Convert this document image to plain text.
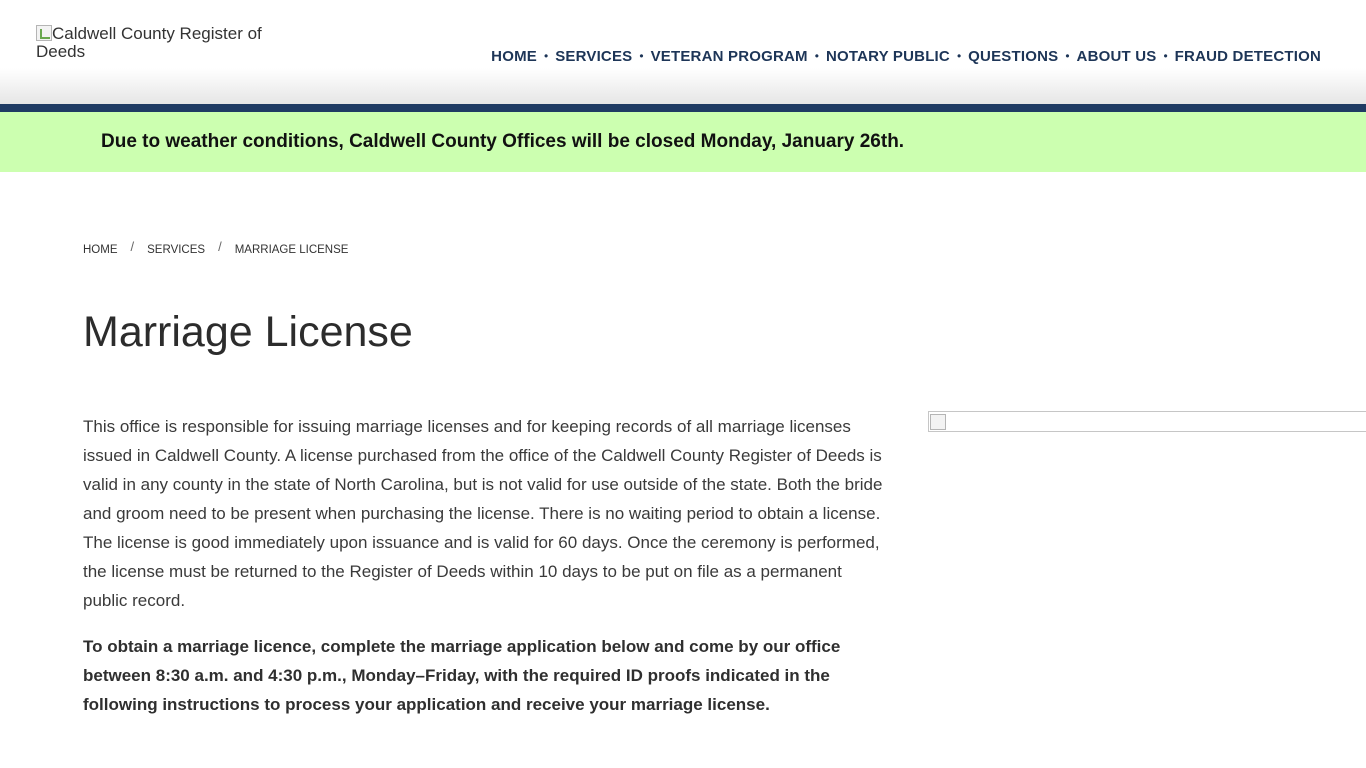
Caldwell County Register of Deeds	HOME • SERVICES • VETERAN PROGRAM • NOTARY PUBLIC • QUESTIONS • ABOUT US • FRAUD DETECTION
Due to weather conditions, Caldwell County Offices will be closed Monday, January 26th.
HOME	/	SERVICES	/	MARRIAGE LICENSE
Marriage License

This office is responsible for issuing marriage licenses and for keeping records of all marriage licenses issued in Caldwell County. A license purchased from the office of the Caldwell County Register of Deeds is valid in any county in the state of North Carolina, but is not valid for use outside of the state. Both the bride and groom need to be present when purchasing the license. There is no waiting period to obtain a license. The license is good immediately upon issuance and is valid for 60 days. Once the ceremony is performed, the license must be returned to the Register of Deeds within 10 days to be put on file as a permanent public record.

To obtain a marriage licence, complete the marriage application below and come by our office between 8:30 a.m. and 4:30 p.m., Monday–Friday, with the required ID proofs indicated in the following instructions to process your application and receive your marriage license.
